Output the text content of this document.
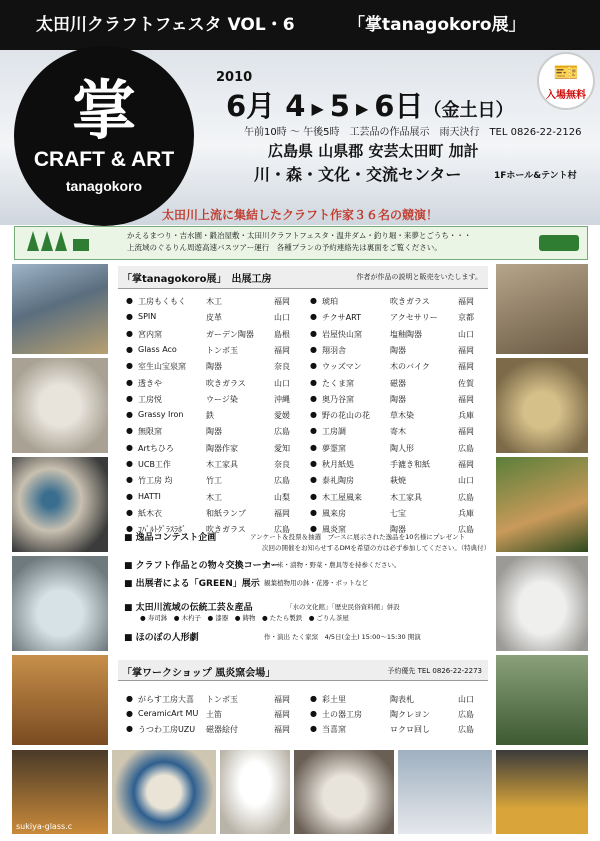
太田川クラフトフェスタ VOL・6	「掌tanagokoro展」
掌
CRAFT & ART
tanagokoro
2010
6月 4 ▶ 5 ▶ 6日（金土日）
午前10時 ～ 午後5時　工芸品の作品展示　雨天決行　TEL 0826-22-2126
広島県 山県郡 安芸太田町 加計
川・森・文化・交流センター	1Fホール&テント村
🎫
入場無料
太田川上流に集結したクラフト作家３６名の競演！
かえるまつり・吉水園・鍛冶屋敷・太田川クラフトフェスタ・温井ダム・釣り堀・来夢とごうち・・・
上流域のぐるりん周遊高速バスツアー運行　各種プランの予約連絡先は裏面をご覧ください。
sukiya-glass.c
「掌tanagokoro展」　出展工房	作者が作品の説明と販売をいたします。
● 工房もくもく	木工	福岡
● SPIN	皮革	山口
● 宮内窯	ガーデン陶器	島根
● Glass Aco	トンボ玉	福岡
● 室生山宝泉窯	陶器	奈良
● 透きや	吹きガラス	山口
● 工房悦	ウージ染	沖縄
● Grassy Iron	鉄	愛媛
● 無限窯	陶器	広島
● Artちひろ	陶器作家	愛知
● UCB工作	木工家具	奈良
● 竹工房 均	竹工	広島
● HATTI	木工	山梨
● 紙木衣	和紙ランプ	福岡
● ｺﾊﾞﾙﾄｸﾞﾗｽﾗﾎﾞ	吹きガラス	広島
● 琥珀	吹きガラス	福岡
● チクサART	アクセサリー	京都
● 岩屋快山窯	塩釉陶器	山口
● 翔羽舎	陶器	福岡
● ウッズマン	木のバイク	福岡
● たくま窯	磁器	佐賀
● 奥乃谷窯	陶器	福岡
● 野の花山の花	草木染	兵庫
● 工房調	寄木	福岡
● 夢霊窯	陶人形	広島
● 秋月紙処	手漉き和紙	福岡
● 泰礼陶房	萩焼	山口
● 木工屋風来	木工家具	広島
● 風来房	七宝	兵庫
● 風炎窯	陶器	広島
■ 逸品コンテスト企画	アンケート＆投票＆抽選　ブースに展示された逸品を10名様にプレゼント
次回の開催をお知らせするDMを希望の方は必ず参加してください。（特典付）
■ クラフト作品との物々交換コーナー
酒・米・漬物・野菜・農具等を持参ください。
■ 出展者による「GREEN」展示 観葉植物用の鉢・花器・ポットなど
■ 太田川流域の伝統工芸＆産品	「水の文化館」「歴史民俗資料館」併設
● 寿司鉢　● 木杓子　● 漆器　● 鋳物　● たたら製鉄　● ごりん茶屋
■ ほのぼの人形劇	作・演出 たく家窯　4/5日(金土) 15:00～15:30 開演
「掌ワークショップ 風炎窯会場」	予約優先 TEL 0826-22-2273
● がらす工房大喜 トンボ玉	福岡
● CeramicArt MU 土笛	福岡
● うつわ工房UZU 磁器絵付	福岡
● 彩土里	陶表札	山口
● 土の器工房	陶クレヨン	広島
● 当喜窯	ロクロ回し	広島
